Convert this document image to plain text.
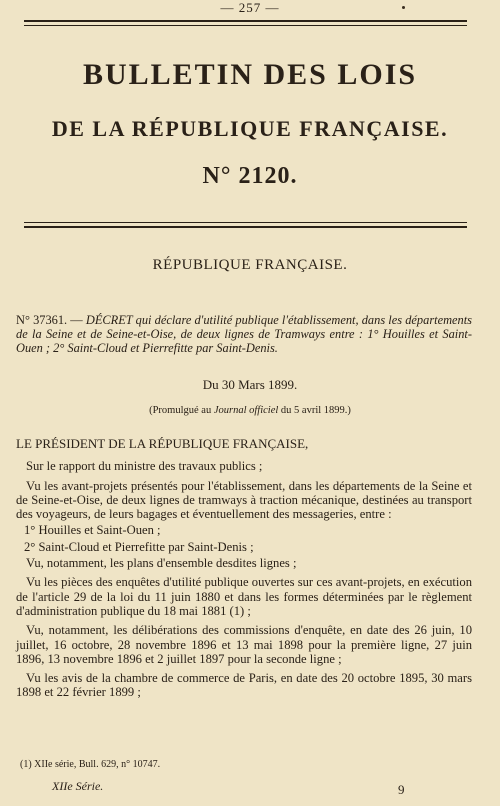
— 257 —
BULLETIN DES LOIS
DE LA RÉPUBLIQUE FRANÇAISE.
N° 2120.
RÉPUBLIQUE FRANÇAISE.
N° 37361. — DÉCRET qui déclare d'utilité publique l'établissement, dans les départements de la Seine et de Seine-et-Oise, de deux lignes de Tramways entre : 1° Houilles et Saint-Ouen ; 2° Saint-Cloud et Pierrefitte par Saint-Denis.
Du 30 Mars 1899.
(Promulgué au Journal officiel du 5 avril 1899.)

LE PRÉSIDENT DE LA RÉPUBLIQUE FRANÇAISE,

Sur le rapport du ministre des travaux publics ;

Vu les avant-projets présentés pour l'établissement, dans les départements de la Seine et de Seine-et-Oise, de deux lignes de tramways à traction mécanique, destinées au transport des voyageurs, de leurs bagages et éventuellement des messageries, entre :

1° Houilles et Saint-Ouen ;

2° Saint-Cloud et Pierrefitte par Saint-Denis ;

Vu, notamment, les plans d'ensemble desdites lignes ;

Vu les pièces des enquêtes d'utilité publique ouvertes sur ces avant-projets, en exécution de l'article 29 de la loi du 11 juin 1880 et dans les formes déterminées par le règlement d'administration publique du 18 mai 1881 (1) ;

Vu, notamment, les délibérations des commissions d'enquête, en date des 26 juin, 10 juillet, 16 octobre, 28 novembre 1896 et 13 mai 1898 pour la première ligne, 27 juin 1896, 13 novembre 1896 et 2 juillet 1897 pour la seconde ligne ;

Vu les avis de la chambre de commerce de Paris, en date des 20 octobre 1895, 30 mars 1898 et 22 février 1899 ;

(1) XIIe série, Bull. 629, n° 10747.
XIIe Série.	9
